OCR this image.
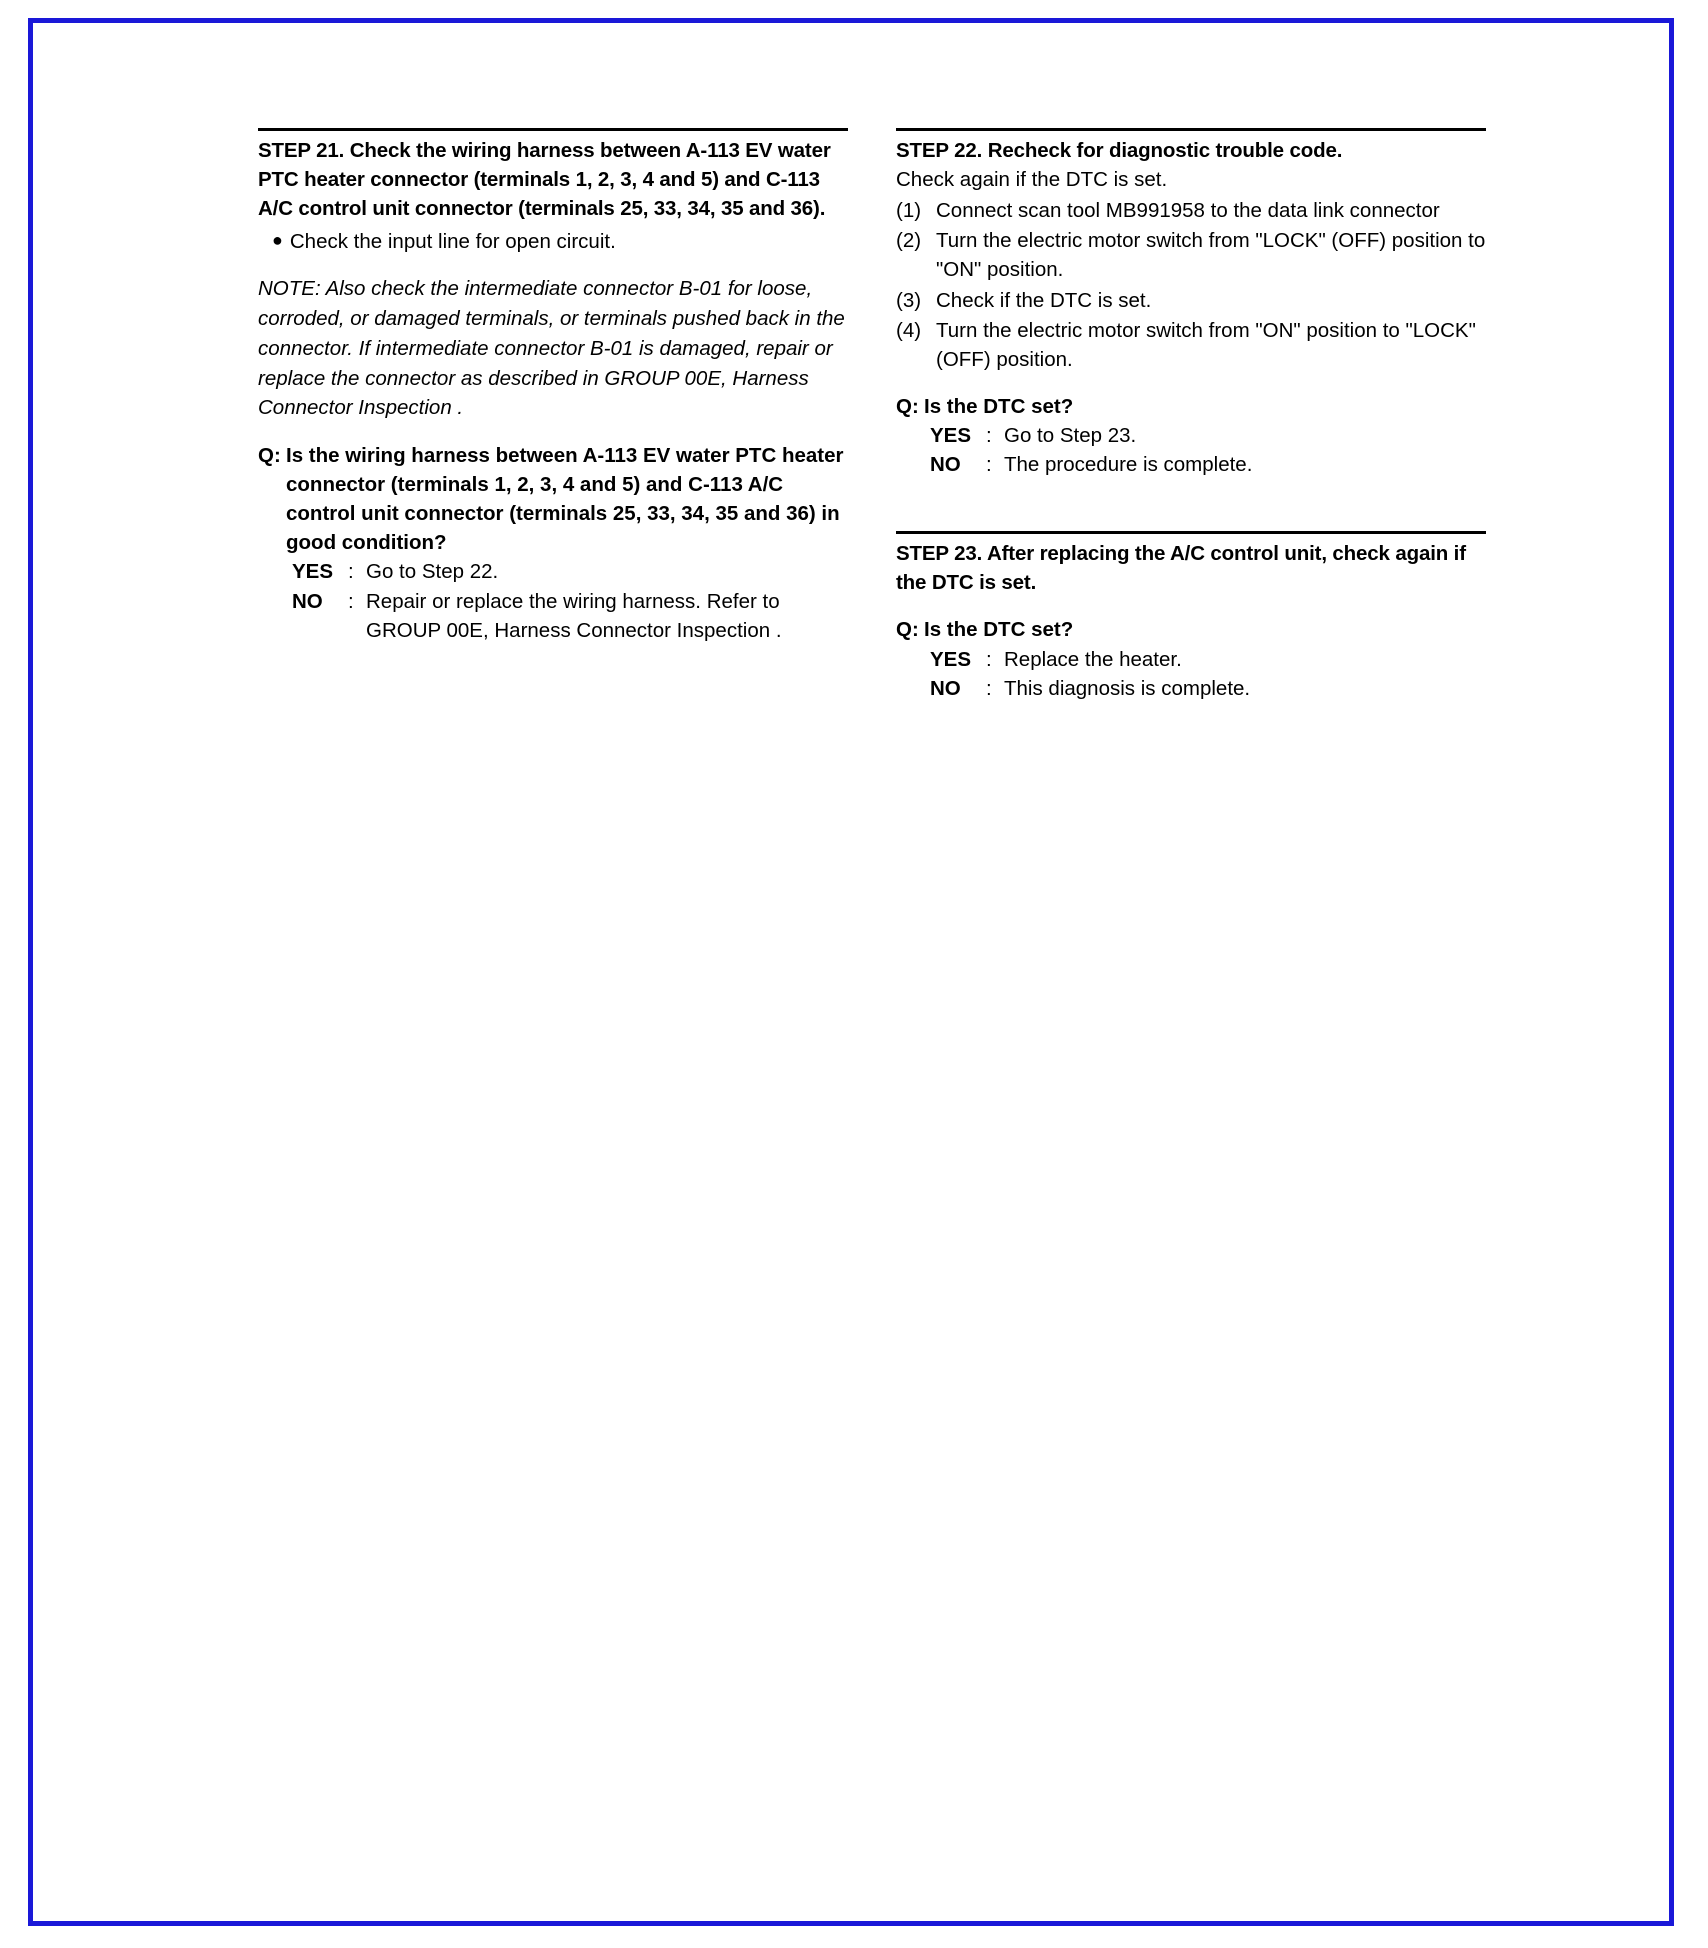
STEP 21. Check the wiring harness between A-113 EV water PTC heater connector (terminals 1, 2, 3, 4 and 5) and C-113 A/C control unit connector (terminals 25, 33, 34, 35 and 36).
● Check the input line for open circuit.
NOTE: Also check the intermediate connector B-01 for loose, corroded, or damaged terminals, or terminals pushed back in the connector. If intermediate connector B-01 is damaged, repair or replace the connector as described in GROUP 00E, Harness Connector Inspection .
Q: Is the wiring harness between A-113 EV water PTC heater connector (terminals 1, 2, 3, 4 and 5) and C-113 A/C control unit connector (terminals 25, 33, 34, 35 and 36) in good condition?
YES : Go to Step 22.
NO	: Repair or replace the wiring harness. Refer to GROUP 00E, Harness Connector Inspection .
STEP 22. Recheck for diagnostic trouble code.
Check again if the DTC is set.
(1) Connect scan tool MB991958 to the data link connector
(2) Turn the electric motor switch from "LOCK" (OFF) position to "ON" position.
(3) Check if the DTC is set.
(4) Turn the electric motor switch from "ON" position to "LOCK" (OFF) position.
Q: Is the DTC set?
YES : Go to Step 23.
NO	: The procedure is complete.
STEP 23. After replacing the A/C control unit, check again if the DTC is set.
Q: Is the DTC set?
YES : Replace the heater.
NO	: This diagnosis is complete.
